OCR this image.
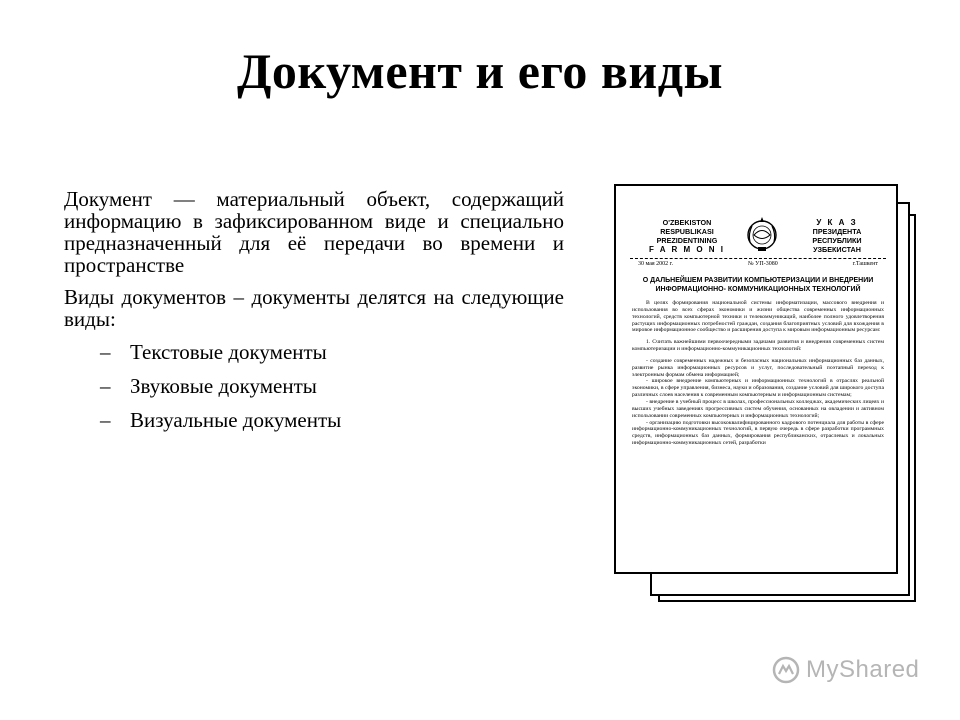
Документ и его виды

Документ — материальный объект, содержащий информацию в зафиксированном виде и специально предназначенный для её передачи во времени и пространстве

Виды документов – документы делятся на следующие виды:

– Текстовые документы
– Звуковые документы
– Визуальные документы
O'ZBEKISTON
RESPUBLIKASI
PREZIDENTINING
F A R M O N I
У К А З
ПРЕЗИДЕНТА
РЕСПУБЛИКИ
УЗБЕКИСТАН
30 мая 2002 г.	№ УП-3080	г.Ташкент
О ДАЛЬНЕЙШЕМ РАЗВИТИИ КОМПЬЮТЕРИЗАЦИИ И ВНЕДРЕНИИ ИНФОРМАЦИОННО- КОММУНИКАЦИОННЫХ ТЕХНОЛОГИЙ

В целях формирования национальной системы информатизации, массового внедрения и использования во всех сферах экономики и жизни общества современных информационных технологий, средств компьютерной техники и телекоммуникаций, наиболее полного удовлетворения растущих информационных потребностей граждан, создания благоприятных условий для вхождения в мировое информационное сообщество и расширения доступа к мировым информационным ресурсам:

1. Считать важнейшими первоочередными задачами развития и внедрения современных систем компьютеризации и информационно-коммуникационных технологий:

- создание современных надежных и безопасных национальных информационных баз данных, развитие рынка информационных ресурсов и услуг, последовательный поэтапный переход к электронным формам обмена информацией;

- широкое внедрение компьютерных и информационных технологий в отраслях реальной экономики, в сфере управления, бизнеса, науки и образования, создание условий для широкого доступа различных слоев населения к современным компьютерным и информационным системам;

- внедрение в учебный процесс в школах, профессиональных колледжах, академических лицеях и высших учебных заведениях прогрессивных систем обучения, основанных на овладении и активном использовании современных компьютерных и информационных технологий;

- организацию подготовки высококвалифицированного кадрового потенциала для работы в сфере информационно-коммуникационных технологий, в первую очередь в сфере разработки программных средств, информационных баз данных, формирования республиканских, отраслевых и локальных информационно-коммуникационных сетей, разработки

MyShared
